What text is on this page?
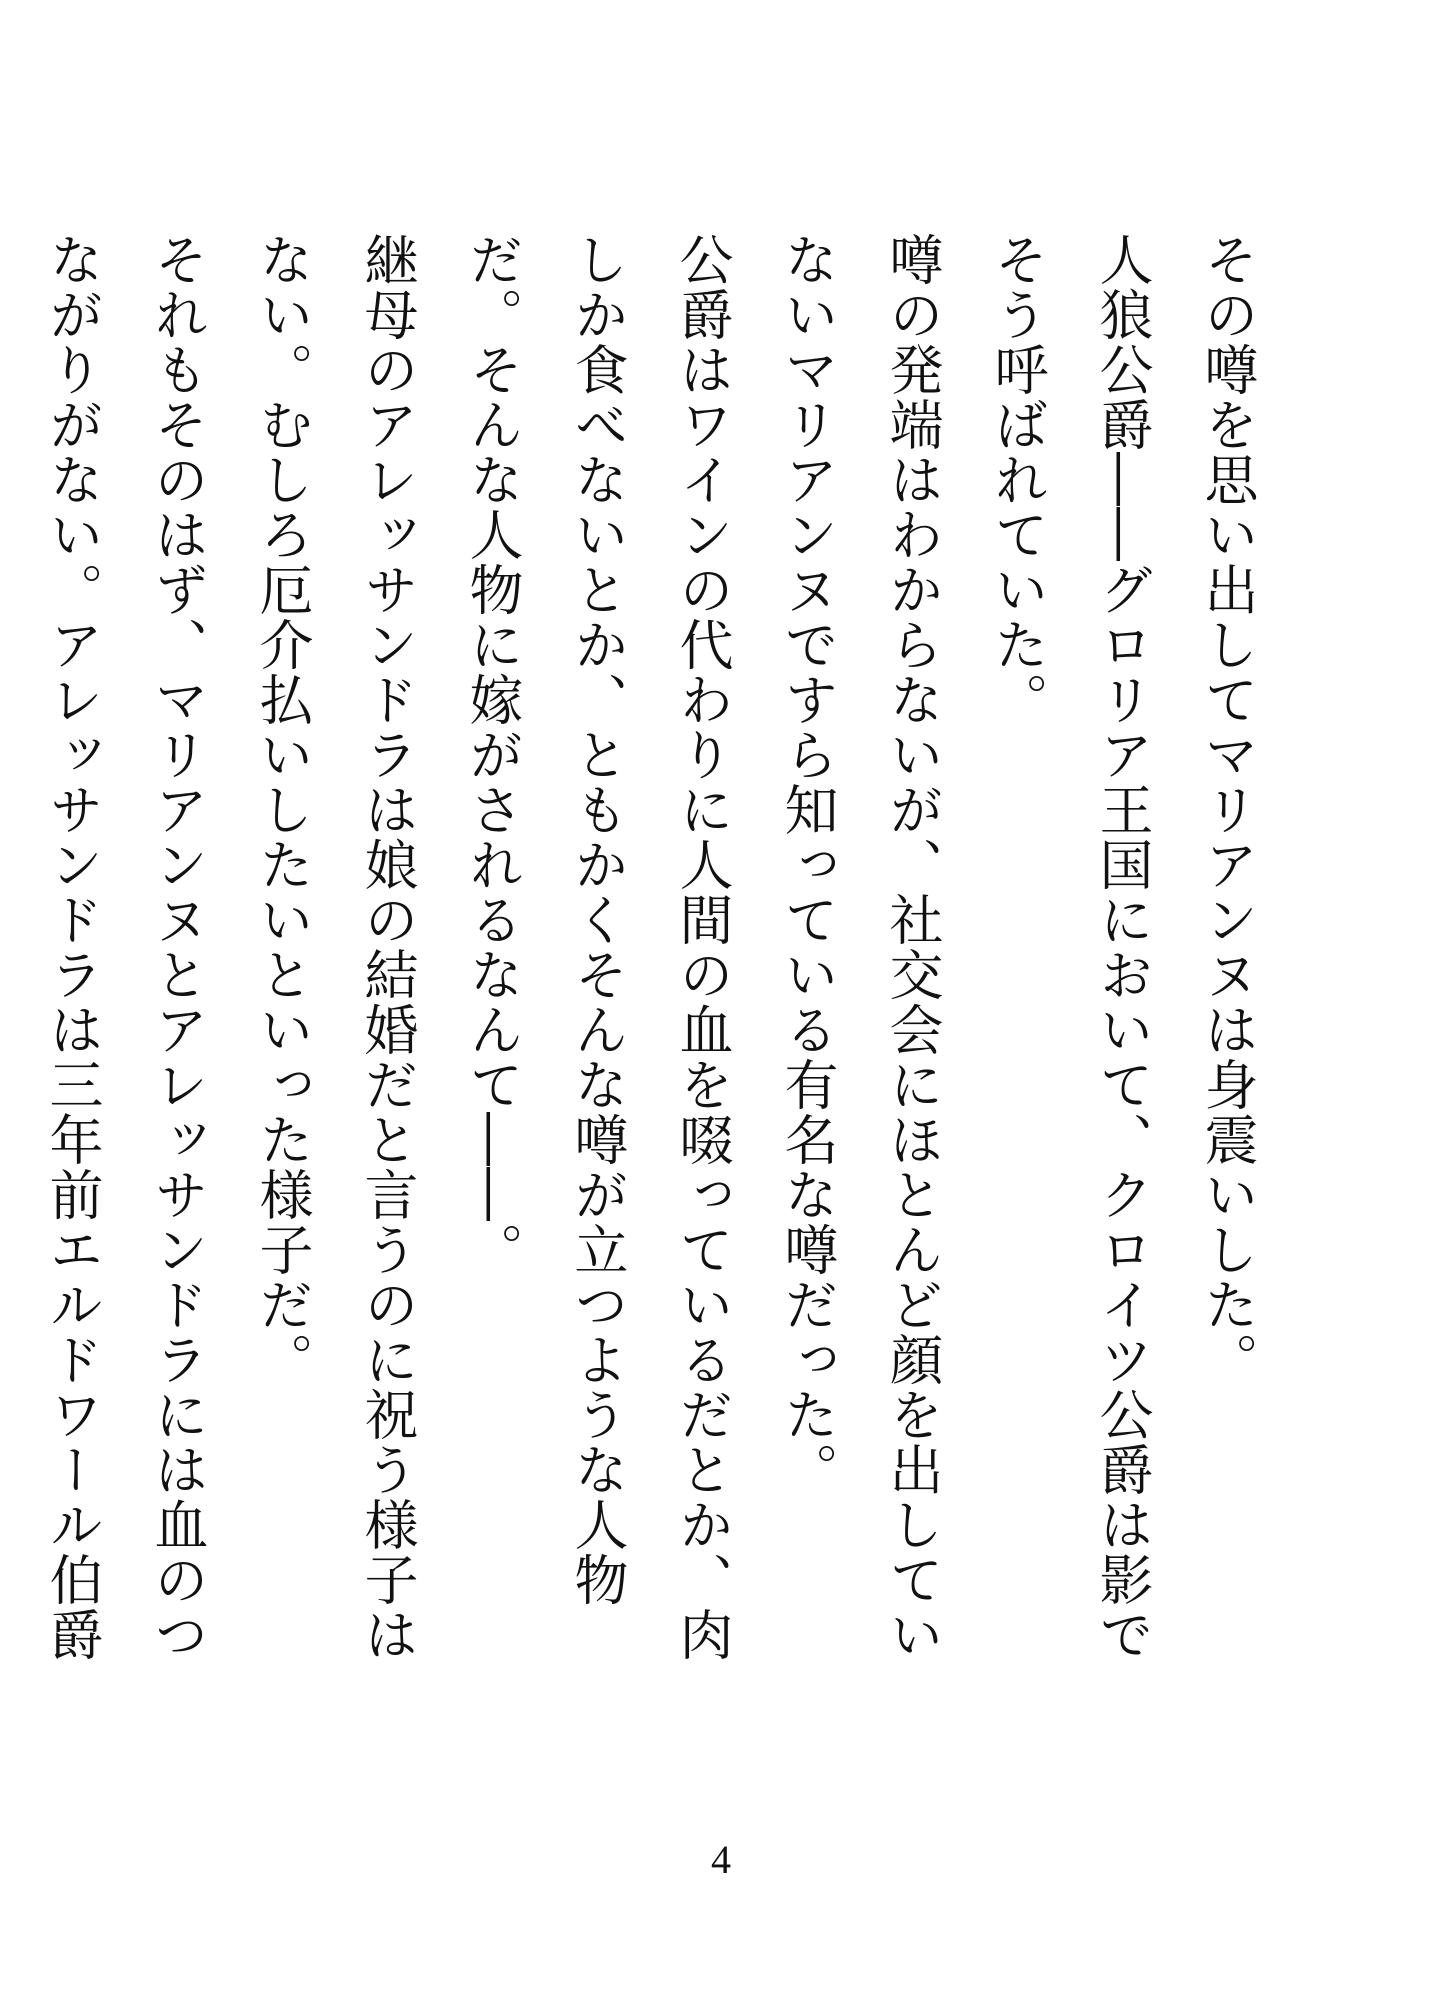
その噂を思い出してマリアンヌは身震いした。

人狼公爵――グロリア王国において、クロイツ公爵は影でそう呼ばれていた。

噂の発端はわからないが、社交会にほとんど顔を出していないマリアンヌですら知っている有名な噂だった。

公爵はワインの代わりに人間の血を啜っているだとか、肉しか食べないとか、ともかくそんな噂が立つような人物だ。そんな人物に嫁がされるなんて――。

継母のアレッサンドラは娘の結婚だと言うのに祝う様子はない。むしろ厄介払いしたいといった様子だ。

それもそのはず、マリアンヌとアレッサンドラには血のつながりがない。アレッサンドラは三年前エルドワール伯爵

4
